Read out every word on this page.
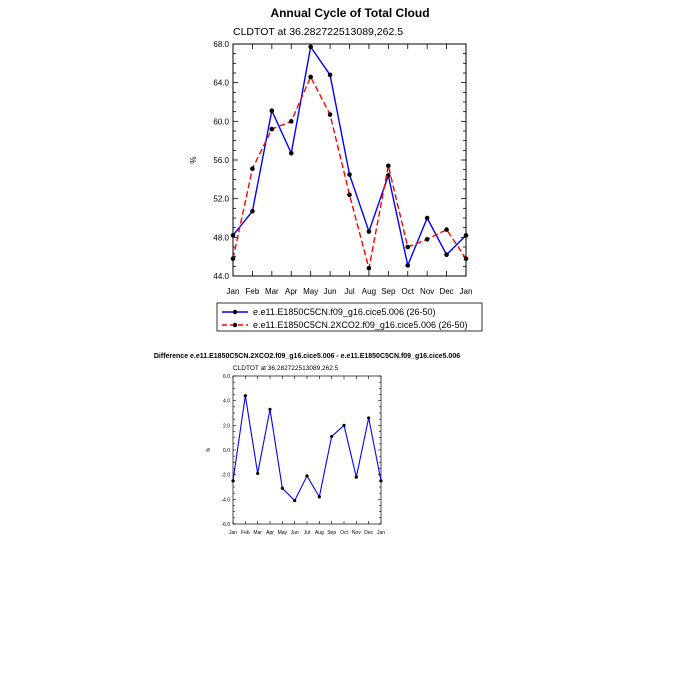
Annual Cycle of Total Cloud
CLDTOT at 36.282722513089,262.5
44.0
48.0
52.0
56.0
60.0
64.0
68.0
Jan Feb Mar Apr May Jun Jul Aug Sep Oct Nov Dec Jan
%
e.e11.E1850C5CN.f09_g16.cice5.006 (26-50)
e.e11.E1850C5CN.2XCO2.f09_g16.cice5.006 (26-50)
Difference e.e11.E1850C5CN.2XCO2.f09_g16.cice5.006 - e.e11.E1850C5CN.f09_g16.cice5.006
CLDTOT at 36.282722513089,262.5
-6.0
-4.0
-2.0
0.0
2.0
4.0
6.0
Jan Feb Mar Apr May Jun Jul Aug Sep Oct Nov Dec Jan
%
